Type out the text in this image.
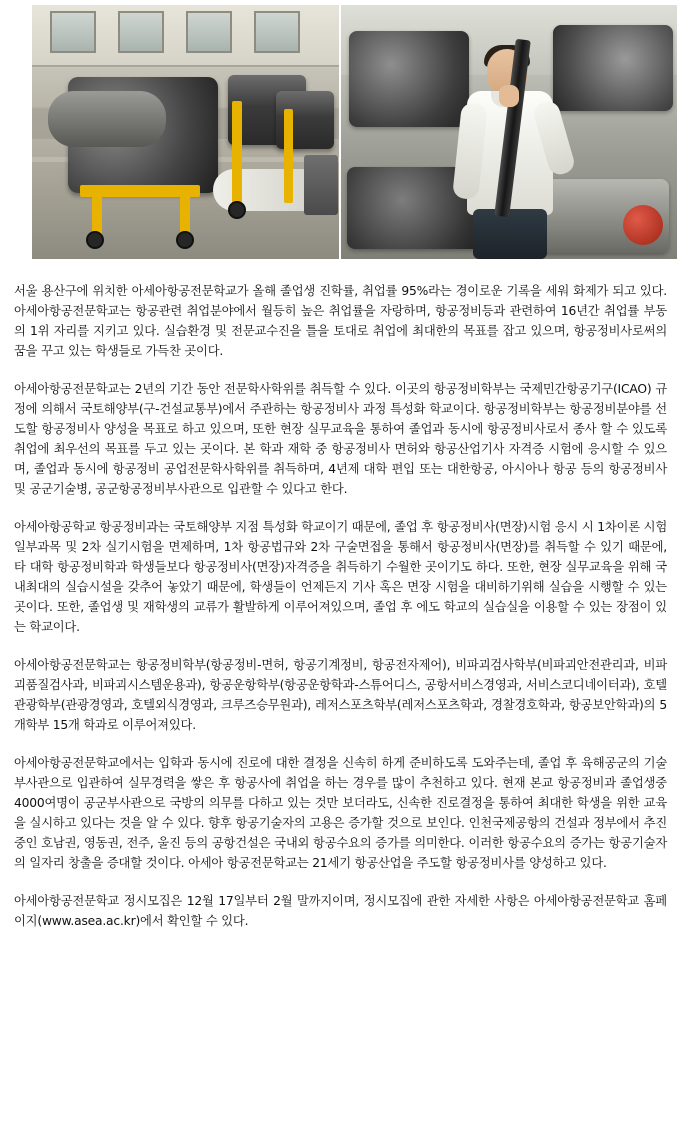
서울 용산구에 위치한 아세아항공전문학교가 올해 졸업생 진학률, 취업률 95%라는 경이로운 기록을 세워 화제가 되고 있다. 아세아항공전문학교는 항공관련 취업분야에서 월등히 높은 취업률을 자랑하며, 항공정비등과 관련하여 16년간 취업률 부동의 1위 자리를 지키고 있다. 실습환경 및 전문교수진을 틀을 토대로 취업에 최대한의 목표를 잡고 있으며, 항공정비사로써의 꿈을 꾸고 있는 학생들로 가득찬 곳이다.

아세아항공전문학교는 2년의 기간 동안 전문학사학위를 취득할 수 있다. 이곳의 항공정비학부는 국제민간항공기구(ICAO) 규정에 의해서 국토해양부(구-건설교통부)에서 주관하는 항공정비사 과정 특성화 학교이다. 항공정비학부는 항공정비분야를 선도할 항공정비사 양성을 목표로 하고 있으며, 또한 현장 실무교육을 통하여 졸업과 동시에 항공정비사로서 종사 할 수 있도록 취업에 최우선의 목표를 두고 있는 곳이다. 본 학과 재학 중 항공정비사 면허와 항공산업기사 자격증 시험에 응시할 수 있으며, 졸업과 동시에 항공정비 공업전문학사학위를 취득하며, 4년제 대학 편입 또는 대한항공, 아시아나 항공 등의 항공정비사 및 공군기술병, 공군항공정비부사관으로 입관할 수 있다고 한다.

아세아항공학교 항공정비과는 국토해양부 지점 특성화 학교이기 때문에, 졸업 후 항공정비사(면장)시험 응시 시 1차이론 시험 일부과목 및 2차 실기시험을 면제하며, 1차 항공법규와 2차 구술면접을 통해서 항공정비사(면장)를 취득할 수 있기 때문에, 타 대학 항공정비학과 학생들보다 항공정비사(면장)자격증을 취득하기 수월한 곳이기도 하다. 또한, 현장 실무교육을 위해 국내최대의 실습시설을 갖추어 놓았기 때문에, 학생들이 언제든지 기사 혹은 면장 시험을 대비하기위해 실습을 시행할 수 있는 곳이다. 또한, 졸업생 및 재학생의 교류가 활발하게 이루어져있으며, 졸업 후 에도 학교의 실습실을 이용할 수 있는 장점이 있는 학교이다.

아세아항공전문학교는 항공정비학부(항공정비-면허, 항공기계정비, 항공전자제어), 비파괴검사학부(비파괴안전관리과, 비파괴품질검사과, 비파괴시스템운용과), 항공운항학부(항공운항학과-스튜어디스, 공항서비스경영과, 서비스코디네이터과), 호텔관광학부(관광경영과, 호텔외식경영과, 크루즈승무원과), 레저스포츠학부(레저스포츠학과, 경찰경호학과, 항공보안학과)의 5개학부 15개 학과로 이루어져있다.

아세아항공전문학교에서는 입학과 동시에 진로에 대한 결정을 신속히 하게 준비하도록 도와주는데, 졸업 후 육해공군의 기술부사관으로 입관하여 실무경력을 쌓은 후 항공사에 취업을 하는 경우를 많이 추천하고 있다. 현재 본교 항공정비과 졸업생중 4000여명이 공군부사관으로 국방의 의무를 다하고 있는 것만 보더라도, 신속한 진로결정을 통하여 최대한 학생을 위한 교육을 실시하고 있다는 것을 알 수 있다. 향후 항공기술자의 고용은 증가할 것으로 보인다. 인천국제공항의 건설과 정부에서 추진중인 호남권, 영동권, 전주, 울진 등의 공항건설은 국내외 항공수요의 증가를 의미한다. 이러한 항공수요의 증가는 항공기술자의 일자리 창출을 증대할 것이다. 아세아 항공전문학교는 21세기 항공산업을 주도할 항공정비사를 양성하고 있다.

아세아항공전문학교 정시모집은 12월 17일부터 2월 말까지이며, 정시모집에 관한 자세한 사항은 아세아항공전문학교 홈페이지(www.asea.ac.kr)에서 확인할 수 있다.
